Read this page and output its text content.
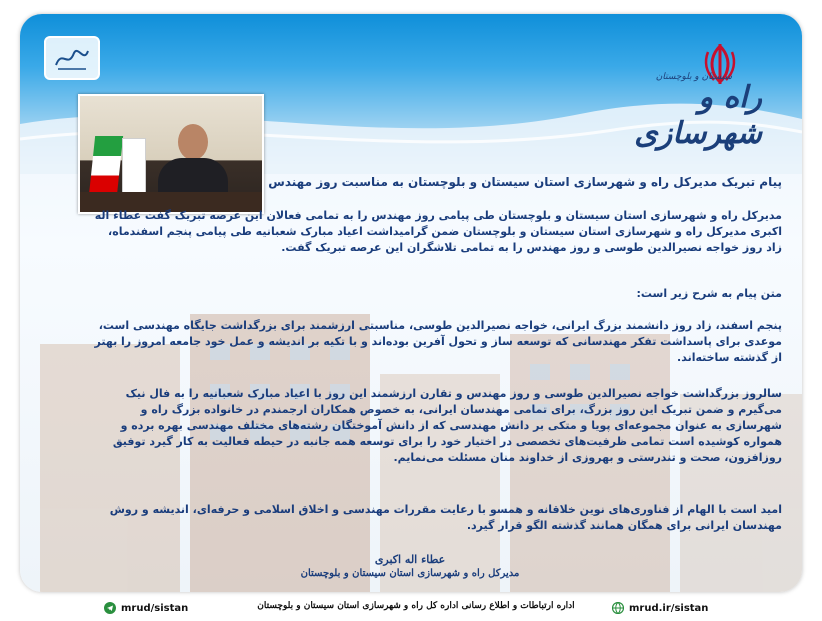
سیستان و بلوچستان
راه و شهرسازی
پیام تبریک مدیرکل راه و شهرسازی استان سیستان و بلوچستان به مناسبت روز مهندس
مدیرکل راه و شهرسازی استان سیستان و بلوچستان طی پیامی روز مهندس را به تمامی فعالان این عرصه تبریک گفت عطاء اله اکبری مدیرکل راه و شهرسازی استان سیستان و بلوچستان ضمن گرامیداشت اعیاد مبارک شعبانیه طی پیامی پنجم اسفندماه، زاد روز خواجه نصیرالدین طوسی و روز مهندس را به تمامی تلاشگران این عرصه تبریک گفت.
متن پیام به شرح زیر است:
پنجم اسفند، زاد روز دانشمند بزرگ ایرانی، خواجه نصیرالدین طوسی، مناسبتی ارزشمند برای بزرگداشت جایگاه مهندسی است، موعدی برای پاسداشت تفکر مهندسانی که توسعه ساز و تحول آفرین بوده‌اند و با تکیه بر اندیشه و عمل خود جامعه امروز را بهتر از گذشته ساخته‌اند.
سالروز بزرگداشت خواجه نصیرالدین طوسی و روز مهندس و تقارن ارزشمند این روز با اعیاد مبارک شعبانیه را به فال نیک می‌گیرم و ضمن تبریک این روز بزرگ، برای تمامی مهندسان ایرانی، به خصوص همکاران ارجمندم در خانواده بزرگ راه و شهرسازی به عنوان مجموعه‌ای پویا و متکی بر دانش مهندسی که از دانش آموختگان رشته‌های مختلف مهندسی بهره برده و همواره کوشیده است تمامی ظرفیت‌های تخصصی در اختیار خود را برای توسعه همه جانبه در حیطه فعالیت به کار گیرد توفیق روزافزون، صحت و تندرستی و بهروزی از خداوند منان مسئلت می‌نمایم.
امید است با الهام از فناوری‌های نوین خلاقانه و همسو با رعایت مقررات مهندسی و اخلاق اسلامی و حرفه‌ای، اندیشه و روش مهندسان ایرانی برای همگان همانند گذشته الگو قرار گیرد.
عطاء اله اکبری
مدیرکل راه و شهرسازی استان سیستان و بلوچستان
mrud/sistan	اداره ارتباطات و اطلاع رسانی اداره کل راه و شهرسازی استان سیستان و بلوچستان	mrud.ir/sistan
